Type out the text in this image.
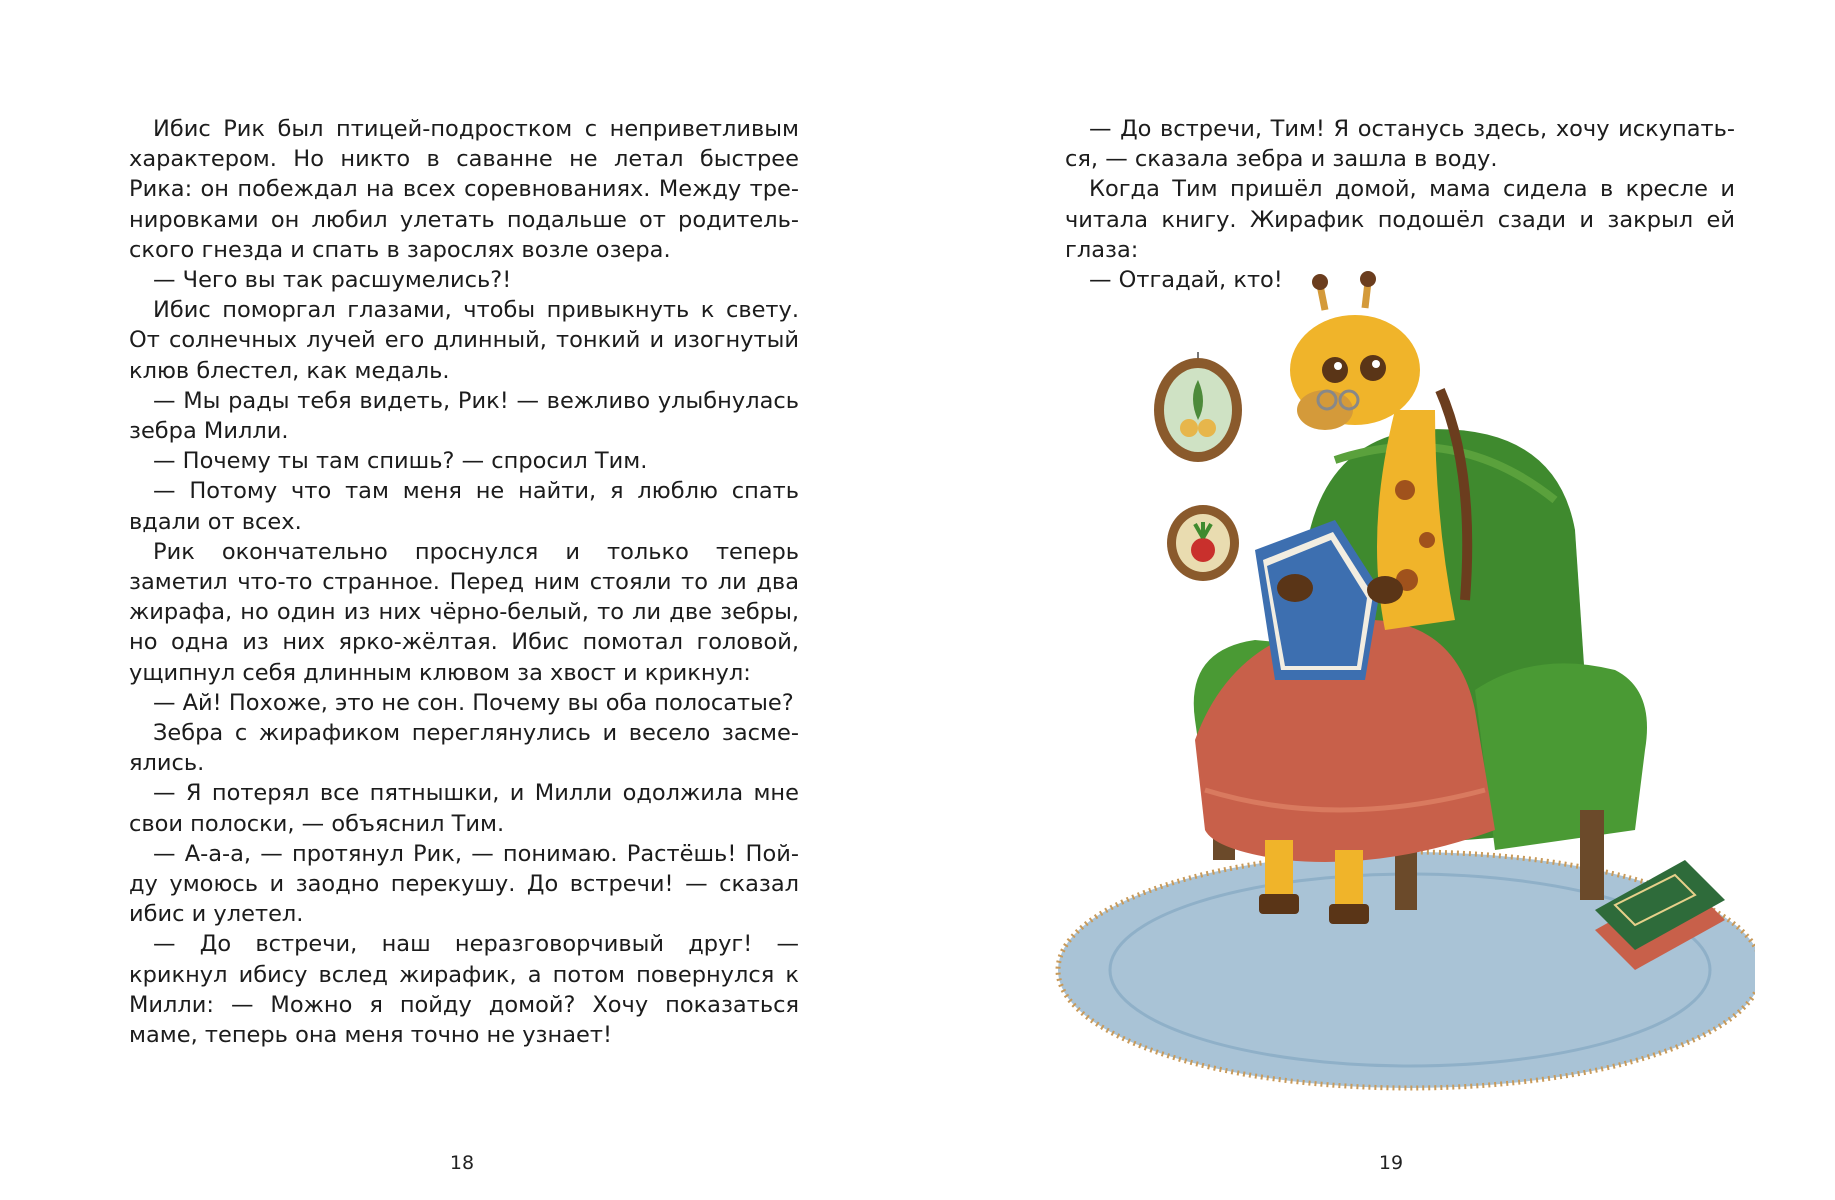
Ибис Рик был птицей-подростком с неприветливым характером. Но никто в саванне не летал быстрее Рика: он побеждал на всех соревнованиях. Между тренировками он любил улетать подальше от родительского гнезда и спать в зарослях возле озера.

— Чего вы так расшумелись?!

Ибис поморгал глазами, чтобы привыкнуть к свету. От солнечных лучей его длинный, тонкий и изогнутый клюв блестел, как медаль.

— Мы рады тебя видеть, Рик! — вежливо улыбнулась зебра Милли.

— Почему ты там спишь? — спросил Тим.

— Потому что там меня не найти, я люблю спать вдали от всех.

Рик окончательно проснулся и только теперь заметил что-то странное. Перед ним стояли то ли два жирафа, но один из них чёрно-белый, то ли две зебры, но одна из них ярко-жёлтая. Ибис помотал головой, ущипнул себя длинным клювом за хвост и крикнул:

— Ай! Похоже, это не сон. Почему вы оба полосатые?

Зебра с жирафиком переглянулись и весело засмеялись.

— Я потерял все пятнышки, и Милли одолжила мне свои полоски, — объяснил Тим.

— А-а-а, — протянул Рик, — понимаю. Растёшь! Пойду умоюсь и заодно перекушу. До встречи! — сказал ибис и улетел.

— До встречи, наш неразговорчивый друг! — крикнул ибису вслед жирафик, а потом повернулся к Милли: — Можно я пойду домой? Хочу показаться маме, теперь она меня точно не узнает!

18

— До встречи, Тим! Я останусь здесь, хочу искупаться, — сказала зебра и зашла в воду.

Когда Тим пришёл домой, мама сидела в кресле и читала книгу. Жирафик подошёл сзади и закрыл ей глаза:

— Отгадай, кто!

19
